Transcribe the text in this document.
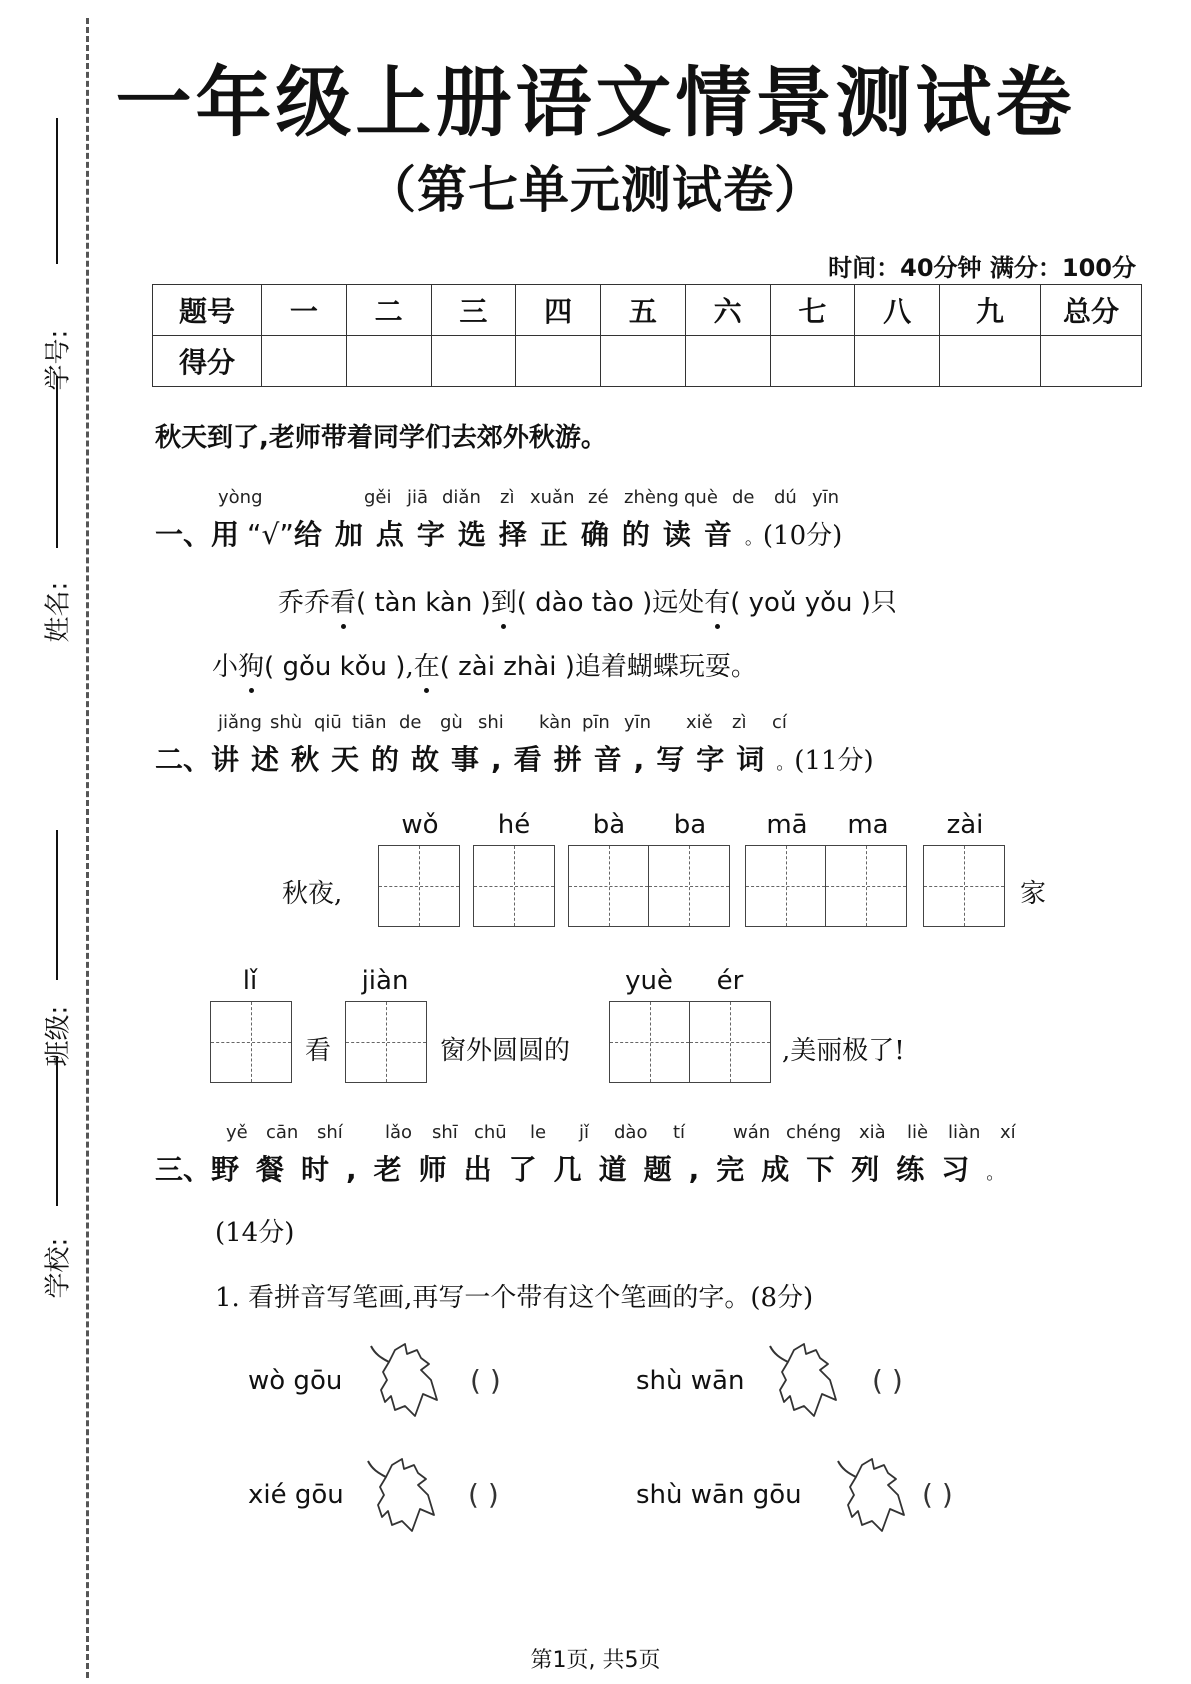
学号:
姓名:
班级:
学校:
一年级上册语文情景测试卷
（第七单元测试卷）
时间：40分钟 满分：100分
题号	一	二	三	四	五	六	七	八	九	总分
得分										
秋天到了,老师带着同学们去郊外秋游。
yòng	gěi jiā diǎn zì xuǎn zé zhèng què de dú yīn
一、用“√”给加点字选择正确的读音。(10分)
乔乔看( tàn kàn )到( dào tào )远处有( yoǔ yǒu )只
小狗( gǒu kǒu ),在( zài zhài )追着蝴蝶玩耍。
jiǎng shù qiū tiān de gù shi kàn pīn yīn xiě zì cí
二、讲述秋天的故事,看拼音,写字词。(11分)
wǒ	hé	bà	ba	mā	ma	zài
秋夜,	家
lǐ	jiàn	yuè	ér
看	窗外圆圆的	,美丽极了!
yě cān shí lǎo shī chū le jǐ dào tí	wán chéng xià liè liàn xí
三、野餐时,老师出了几道题,完成下列练习。
(14分)
1. 看拼音写笔画,再写一个带有这个笔画的字。(8分)
wò gōu	( )	shù wān	( )
xié gōu	( )	shù wān gōu	( )
第1页, 共5页
